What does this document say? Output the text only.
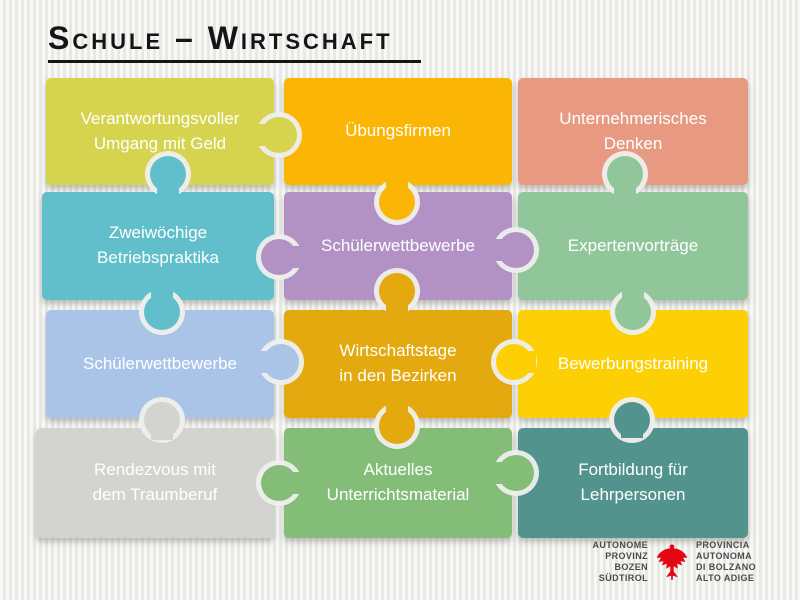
Schule – Wirtschaft
Verantwortungsvoller Umgang mit Geld
Übungsfirmen
Unternehmerisches Denken
Zweiwöchige Betriebspraktika
Schülerwettbewerbe	Expertenvorträge
Schülerwettbewerbe
Wirtschaftstage in den Bezirken
Bewerbungstraining
Rendezvous mit dem Traumberuf
Aktuelles Unterrichtsmaterial
Fortbildung für Lehrpersonen
AUTONOME
PROVINZ
BOZEN
SÜDTIROL
PROVINCIA
AUTONOMA
DI BOLZANO
ALTO ADIGE
